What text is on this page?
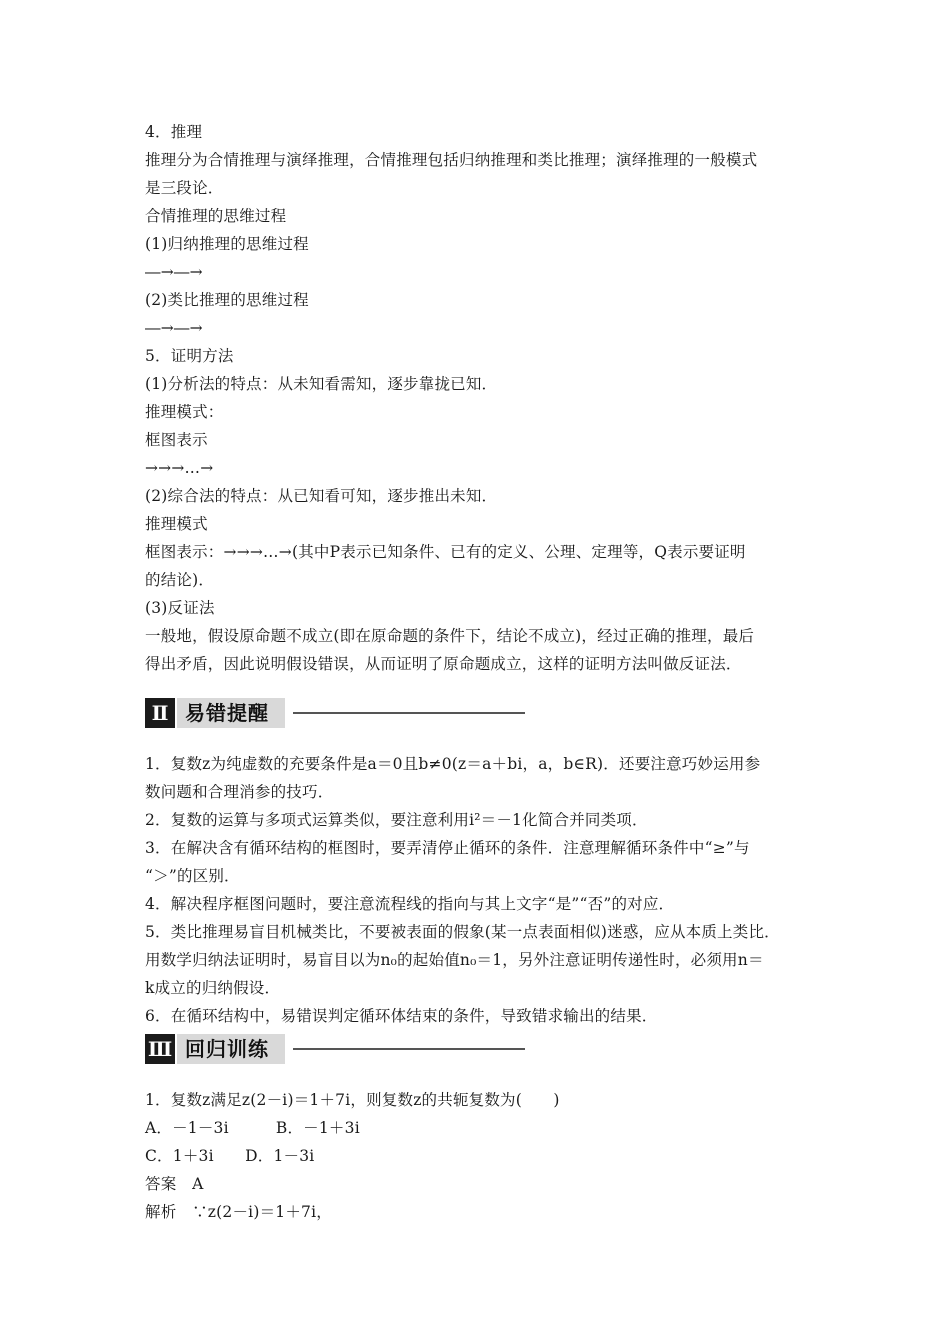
4．推理
推理分为合情推理与演绎推理，合情推理包括归纳推理和类比推理；演绎推理的一般模式
是三段论．
合情推理的思维过程
(1)归纳推理的思维过程
―→―→
(2)类比推理的思维过程
―→―→
5．证明方法
(1)分析法的特点：从未知看需知，逐步靠拢已知．
推理模式：
框图表示
→→→…→
(2)综合法的特点：从已知看可知，逐步推出未知．
推理模式
框图表示：→→→…→(其中P表示已知条件、已有的定义、公理、定理等，Q表示要证明
的结论)．
(3)反证法
一般地，假设原命题不成立(即在原命题的条件下，结论不成立)，经过正确的推理，最后
得出矛盾，因此说明假设错误，从而证明了原命题成立，这样的证明方法叫做反证法．
Ⅱ 易错提醒
1．复数z为纯虚数的充要条件是a＝0且b≠0(z＝a＋bi，a，b∈R)．还要注意巧妙运用参
数问题和合理消参的技巧．
2．复数的运算与多项式运算类似，要注意利用i²＝－1化简合并同类项．
3．在解决含有循环结构的框图时，要弄清停止循环的条件．注意理解循环条件中“≥”与
“＞”的区别．
4．解决程序框图问题时，要注意流程线的指向与其上文字“是”“否”的对应．
5．类比推理易盲目机械类比，不要被表面的假象(某一点表面相似)迷惑，应从本质上类比．
用数学归纳法证明时，易盲目以为n₀的起始值n₀＝1，另外注意证明传递性时，必须用n＝
k成立的归纳假设．
6．在循环结构中，易错误判定循环体结束的条件，导致错求输出的结果．
Ⅲ 回归训练
1．复数z满足z(2－i)＝1＋7i，则复数z的共轭复数为(　　)
A．－1－3i　　　B．－1＋3i
C．1＋3i　　D．1－3i
答案　A
解析　∵z(2－i)＝1＋7i，
